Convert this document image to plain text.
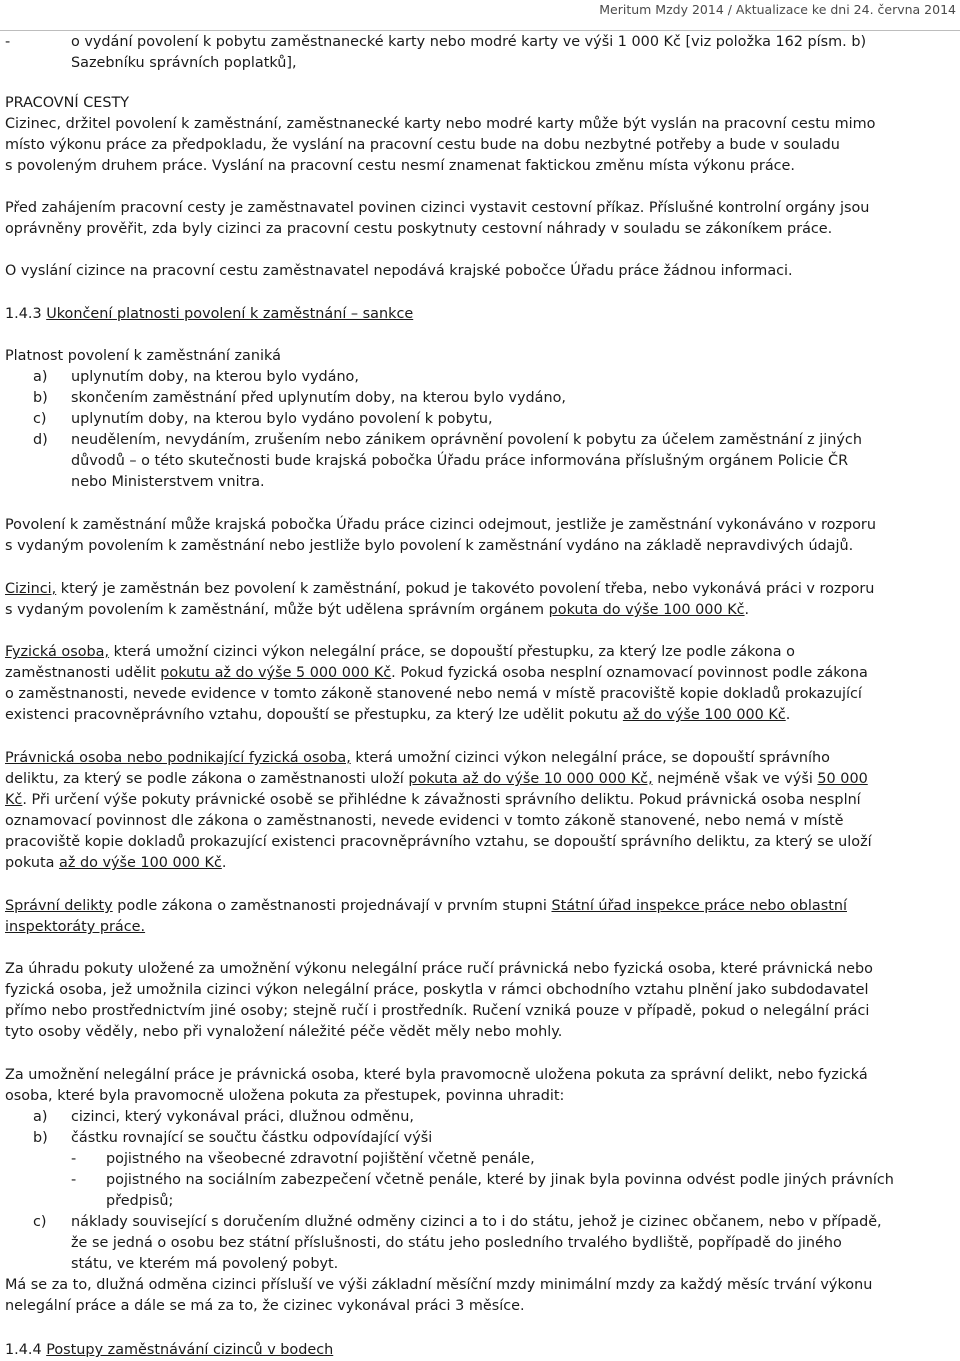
Meritum Mzdy 2014 / Aktualizace ke dni 24. června 2014
-	o vydání povolení k pobytu zaměstnanecké karty nebo modré karty ve výši 1 000 Kč [viz položka 162 písm. b)
Sazebníku správních poplatků],
PRACOVNÍ CESTY
Cizinec, držitel povolení k zaměstnání, zaměstnanecké karty nebo modré karty může být vyslán na pracovní cestu mimo
místo výkonu práce za předpokladu, že vyslání na pracovní cestu bude na dobu nezbytné potřeby a bude v souladu
s povoleným druhem práce. Vyslání na pracovní cestu nesmí znamenat faktickou změnu místa výkonu práce.
Před zahájením pracovní cesty je zaměstnavatel povinen cizinci vystavit cestovní příkaz. Příslušné kontrolní orgány jsou
oprávněny prověřit, zda byly cizinci za pracovní cestu poskytnuty cestovní náhrady v souladu se zákoníkem práce.
O vyslání cizince na pracovní cestu zaměstnavatel nepodává krajské pobočce Úřadu práce žádnou informaci.
1.4.3 Ukončení platnosti povolení k zaměstnání – sankce
Platnost povolení k zaměstnání zaniká
a) uplynutím doby, na kterou bylo vydáno,
b) skončením zaměstnání před uplynutím doby, na kterou bylo vydáno,
c) uplynutím doby, na kterou bylo vydáno povolení k pobytu,
d) neudělením, nevydáním, zrušením nebo zánikem oprávnění povolení k pobytu za účelem zaměstnání z jiných
důvodů – o této skutečnosti bude krajská pobočka Úřadu práce informována příslušným orgánem Policie ČR
nebo Ministerstvem vnitra.
Povolení k zaměstnání může krajská pobočka Úřadu práce cizinci odejmout, jestliže je zaměstnání vykonáváno v rozporu
s vydaným povolením k zaměstnání nebo jestliže bylo povolení k zaměstnání vydáno na základě nepravdivých údajů.
Cizinci, který je zaměstnán bez povolení k zaměstnání, pokud je takovéto povolení třeba, nebo vykonává práci v rozporu
s vydaným povolením k zaměstnání, může být udělena správním orgánem pokuta do výše 100 000 Kč.
Fyzická osoba, která umožní cizinci výkon nelegální práce, se dopouští přestupku, za který lze podle zákona o
zaměstnanosti udělit pokutu až do výše 5 000 000 Kč. Pokud fyzická osoba nesplní oznamovací povinnost podle zákona
o zaměstnanosti, nevede evidence v tomto zákoně stanovené nebo nemá v místě pracoviště kopie dokladů prokazující
existenci pracovněprávního vztahu, dopouští se přestupku, za který lze udělit pokutu až do výše 100 000 Kč.
Právnická osoba nebo podnikající fyzická osoba, která umožní cizinci výkon nelegální práce, se dopouští správního
deliktu, za který se podle zákona o zaměstnanosti uloží pokuta až do výše 10 000 000 Kč, nejméně však ve výši 50 000
Kč. Při určení výše pokuty právnické osobě se přihlédne k závažnosti správního deliktu. Pokud právnická osoba nesplní
oznamovací povinnost dle zákona o zaměstnanosti, nevede evidenci v tomto zákoně stanovené, nebo nemá v místě
pracoviště kopie dokladů prokazující existenci pracovněprávního vztahu, se dopouští správního deliktu, za který se uloží
pokuta až do výše 100 000 Kč.
Správní delikty podle zákona o zaměstnanosti projednávají v prvním stupni Státní úřad inspekce práce nebo oblastní
inspektoráty práce.
Za úhradu pokuty uložené za umožnění výkonu nelegální práce ručí právnická nebo fyzická osoba, které právnická nebo
fyzická osoba, jež umožnila cizinci výkon nelegální práce, poskytla v rámci obchodního vztahu plnění jako subdodavatel
přímo nebo prostřednictvím jiné osoby; stejně ručí i prostředník. Ručení vzniká pouze v případě, pokud o nelegální práci
tyto osoby věděly, nebo při vynaložení náležité péče vědět měly nebo mohly.
Za umožnění nelegální práce je právnická osoba, které byla pravomocně uložena pokuta za správní delikt, nebo fyzická
osoba, které byla pravomocně uložena pokuta za přestupek, povinna uhradit:
a) cizinci, který vykonával práci, dlužnou odměnu,
b) částku rovnající se součtu částku odpovídající výši
- pojistného na všeobecné zdravotní pojištění včetně penále,
- pojistného na sociálním zabezpečení včetně penále, které by jinak byla povinna odvést podle jiných právních
předpisů;
c) náklady související s doručením dlužné odměny cizinci a to i do státu, jehož je cizinec občanem, nebo v případě,
že se jedná o osobu bez státní příslušnosti, do státu jeho posledního trvalého bydliště, popřípadě do jiného
státu, ve kterém má povolený pobyt.
Má se za to, dlužná odměna cizinci přísluší ve výši základní měsíční mzdy minimální mzdy za každý měsíc trvání výkonu
nelegální práce a dále se má za to, že cizinec vykonával práci 3 měsíce.
1.4.4 Postupy zaměstnávání cizinců v bodech
